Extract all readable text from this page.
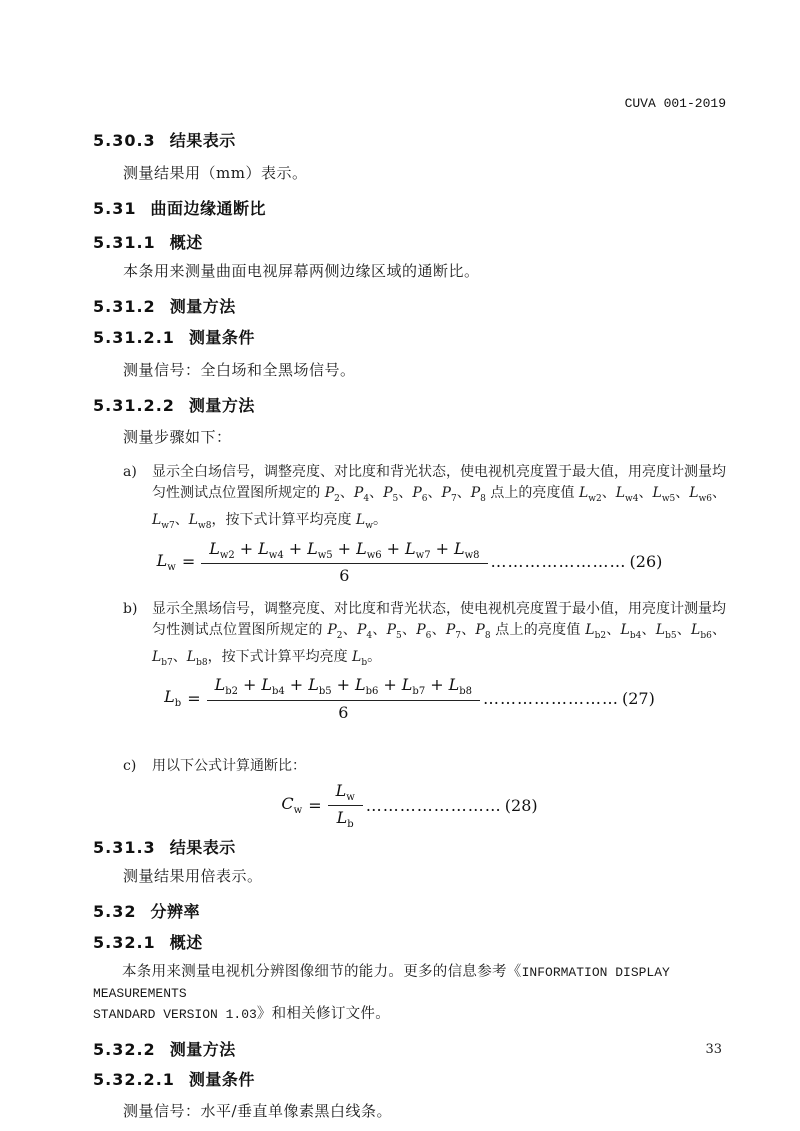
CUVA 001-2019
5.30.3 结果表示

测量结果用（mm）表示。

5.31 曲面边缘通断比
5.31.1 概述

本条用来测量曲面电视屏幕两侧边缘区域的通断比。

5.31.2 测量方法
5.31.2.1 测量条件

测量信号：全白场和全黑场信号。

5.31.2.2 测量方法

测量步骤如下：

a)	显示全白场信号，调整亮度、对比度和背光状态，使电视机亮度置于最大值，用亮度计测量均匀性测试点位置图所规定的 $P_2$、$P_4$、$P_5$、$P_6$、$P_7$、$P_8$ 点上的亮度值 $L_{w2}$、$L_{w4}$、$L_{w5}$、$L_{w6}$、$L_{w7}$、$L_{w8}$，按下式计算平均亮度 $L_w$。
$L_w = \frac{L_{w2} + L_{w4} + L_{w5} + L_{w6} + L_{w7} + L_{w8}}{6}$ …………………… (26)
b)	显示全黑场信号，调整亮度、对比度和背光状态，使电视机亮度置于最小值，用亮度计测量均匀性测试点位置图所规定的 $P_2$、$P_4$、$P_5$、$P_6$、$P_7$、$P_8$ 点上的亮度值 $L_{b2}$、$L_{b4}$、$L_{b5}$、$L_{b6}$、$L_{b7}$、$L_{b8}$，按下式计算平均亮度 $L_b$。
$L_b = \frac{L_{b2} + L_{b4} + L_{b5} + L_{b6} + L_{b7} + L_{b8}}{6}$ …………………… (27)
c)	用以下公式计算通断比：
$C_w = \frac{L_w}{L_b}$ …………………… (28)
5.31.3 结果表示

测量结果用倍表示。

5.32 分辨率
5.32.1 概述

本条用来测量电视机分辨图像细节的能力。更多的信息参考《INFORMATION DISPLAY MEASUREMENTS
STANDARD VERSION 1.03》和相关修订文件。

5.32.2 测量方法
5.32.2.1 测量条件

测量信号：水平/垂直单像素黑白线条。

33
